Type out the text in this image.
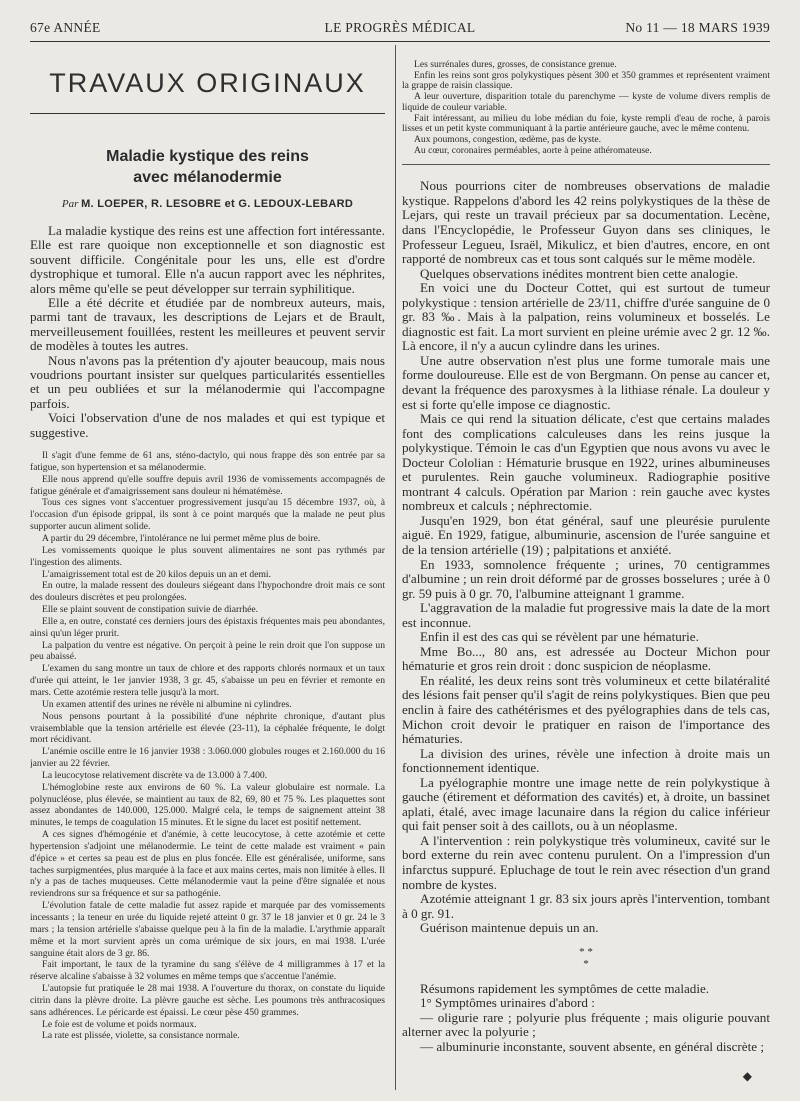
67e ANNÉE	LE PROGRÈS MÉDICAL	No 11 — 18 MARS 1939
TRAVAUX ORIGINAUX
Maladie kystique des reins
avec mélanodermie
Par M. LOEPER, R. LESOBRE et G. LEDOUX-LEBARD

La maladie kystique des reins est une affection fort intéressante. Elle est rare quoique non exceptionnelle et son diagnostic est souvent difficile. Congénitale pour les uns, elle est d'ordre dystrophique et tumoral. Elle n'a aucun rapport avec les néphrites, alors même qu'elle se peut développer sur terrain syphilitique.

Elle a été décrite et étudiée par de nombreux auteurs, mais, parmi tant de travaux, les descriptions de Lejars et de Brault, merveilleusement fouillées, restent les meilleures et peuvent servir de modèles à toutes les autres.

Nous n'avons pas la prétention d'y ajouter beaucoup, mais nous voudrions pourtant insister sur quelques particularités essentielles et un peu oubliées et sur la mélanodermie qui l'accompagne parfois.

Voici l'observation d'une de nos malades et qui est typique et suggestive.

Il s'agit d'une femme de 61 ans, sténo-dactylo, qui nous frappe dès son entrée par sa fatigue, son hypertension et sa mélanodermie.

Elle nous apprend qu'elle souffre depuis avril 1936 de vomissements accompagnés de fatigue générale et d'amaigrissement sans douleur ni hématémèse.

Tous ces signes vont s'accentuer progressivement jusqu'au 15 décembre 1937, où, à l'occasion d'un épisode grippal, ils sont à ce point marqués que la malade ne peut plus supporter aucun aliment solide.

A partir du 29 décembre, l'intolérance ne lui permet même plus de boire.

Les vomissements quoique le plus souvent alimentaires ne sont pas rythmés par l'ingestion des aliments.

L'amaigrissement total est de 20 kilos depuis un an et demi.

En outre, la malade ressent des douleurs siégeant dans l'hypochondre droit mais ce sont des douleurs discrètes et peu prolongées.

Elle se plaint souvent de constipation suivie de diarrhée.

Elle a, en outre, constaté ces derniers jours des épistaxis fréquentes mais peu abondantes, ainsi qu'un léger prurit.

La palpation du ventre est négative. On perçoit à peine le rein droit que l'on suppose un peu abaissé.

L'examen du sang montre un taux de chlore et des rapports chlorés normaux et un taux d'urée qui atteint, le 1er janvier 1938, 3 gr. 45, s'abaisse un peu en février et remonte en mars. Cette azotémie restera telle jusqu'à la mort.

Un examen attentif des urines ne révèle ni albumine ni cylindres.

Nous pensons pourtant à la possibilité d'une néphrite chronique, d'autant plus vraisemblable que la tension artérielle est élevée (23-11), la céphalée fréquente, le dolgt mort récidivant.

L'anémie oscille entre le 16 janvier 1938 : 3.060.000 globules rouges et 2.160.000 du 16 janvier au 22 février.

La leucocytose relativement discrète va de 13.000 à 7.400.

L'hémoglobine reste aux environs de 60 %. La valeur globulaire est normale. La polynucléose, plus élevée, se maintient au taux de 82, 69, 80 et 75 %. Les plaquettes sont assez abondantes de 140.000, 125.000. Malgré cela, le temps de saignement atteint 38 minutes, le temps de coagulation 15 minutes. Et le signe du lacet est positif nettement.

A ces signes d'hémogénie et d'anémie, à cette leucocytose, à cette azotémie et cette hypertension s'adjoint une mélanodermie. Le teint de cette malade est vraiment « pain d'épice » et certes sa peau est de plus en plus foncée. Elle est généralisée, uniforme, sans taches surpigmentées, plus marquée à la face et aux mains certes, mais non limitée à elles. Il n'y a pas de taches muqueuses. Cette mélanodermie vaut la peine d'être signalée et nous reviendrons sur sa fréquence et sur sa pathogénie.

L'évolution fatale de cette maladie fut assez rapide et marquée par des vomissements incessants ; la teneur en urée du liquide rejeté atteint 0 gr. 37 le 18 janvier et 0 gr. 24 le 3 mars ; la tension artérielle s'abaisse quelque peu à la fin de la maladie. L'arythmie apparaît même et la mort survient après un coma urémique de six jours, en mai 1938. L'urée sanguine était alors de 3 gr. 86.

Fait important, le taux de la tyramine du sang s'élève de 4 milligrammes à 17 et la réserve alcaline s'abaisse à 32 volumes en même temps que s'accentue l'anémie.

L'autopsie fut pratiquée le 28 mai 1938. A l'ouverture du thorax, on constate du liquide citrin dans la plèvre droite. La plèvre gauche est sèche. Les poumons très anthracosiques sans adhérences. Le péricarde est épaissi. Le cœur pèse 450 grammes.

Le foie est de volume et poids normaux.

La rate est plissée, violette, sa consistance normale.

Les surrénales dures, grosses, de consistance grenue.

Enfin les reins sont gros polykystiques pèsent 300 et 350 grammes et représentent vraiment la grappe de raisin classique.

A leur ouverture, disparition totale du parenchyme — kyste de volume divers remplis de liquide de couleur variable.

Fait intéressant, au milieu du lobe médian du foie, kyste rempli d'eau de roche, à parois lisses et un petit kyste communiquant à la partie antérieure gauche, avec le même contenu.

Aux poumons, congestion, œdème, pas de kyste.

Au cœur, coronaires perméables, aorte à peine athéromateuse.

Nous pourrions citer de nombreuses observations de maladie kystique. Rappelons d'abord les 42 reins polykystiques de la thèse de Lejars, qui reste un travail précieux par sa documentation. Lecène, dans l'Encyclopédie, le Professeur Guyon dans ses cliniques, le Professeur Legueu, Israël, Mikulicz, et bien d'autres, encore, en ont rapporté de nombreux cas et tous sont calqués sur le même modèle.

Quelques observations inédites montrent bien cette analogie.

En voici une du Docteur Cottet, qui est surtout de tumeur polykystique : tension artérielle de 23/11, chiffre d'urée sanguine de 0 gr. 83 ‰. Mais à la palpation, reins volumineux et bosselés. Le diagnostic est fait. La mort survient en pleine urémie avec 2 gr. 12 ‰. Là encore, il n'y a aucun cylindre dans les urines.

Une autre observation n'est plus une forme tumorale mais une forme douloureuse. Elle est de von Bergmann. On pense au cancer et, devant la fréquence des paroxysmes à la lithiase rénale. La douleur y est si forte qu'elle impose ce diagnostic.

Mais ce qui rend la situation délicate, c'est que certains malades font des complications calculeuses dans les reins jusque la polykystique. Témoin le cas d'un Egyptien que nous avons vu avec le Docteur Cololian : Hématurie brusque en 1922, urines albumineuses et purulentes. Rein gauche volumineux. Radiographie positive montrant 4 calculs. Opération par Marion : rein gauche avec kystes nombreux et calculs ; néphrectomie.

Jusqu'en 1929, bon état général, sauf une pleurésie purulente aiguë. En 1929, fatigue, albuminurie, ascension de l'urée sanguine et de la tension artérielle (19) ; palpitations et anxiété.

En 1933, somnolence fréquente ; urines, 70 centigrammes d'albumine ; un rein droit déformé par de grosses bosselures ; urée à 0 gr. 59 puis à 0 gr. 70, l'albumine atteignant 1 gramme.

L'aggravation de la maladie fut progressive mais la date de la mort est inconnue.

Enfin il est des cas qui se révèlent par une hématurie.

Mme Bo..., 80 ans, est adressée au Docteur Michon pour hématurie et gros rein droit : donc suspicion de néoplasme.

En réalité, les deux reins sont très volumineux et cette bilatéralité des lésions fait penser qu'il s'agit de reins polykystiques. Bien que peu enclin à faire des cathétérismes et des pyélographies dans de tels cas, Michon croit devoir le pratiquer en raison de l'importance des hématuries.

La division des urines, révèle une infection à droite mais un fonctionnement identique.

La pyélographie montre une image nette de rein polykystique à gauche (étirement et déformation des cavités) et, à droite, un bassinet aplati, étalé, avec image lacunaire dans la région du calice inférieur qui fait penser soit à des caillots, ou à un néoplasme.

A l'intervention : rein polykystique très volumineux, cavité sur le bord externe du rein avec contenu purulent. On a l'impression d'un infarctus suppuré. Epluchage de tout le rein avec résection d'un grand nombre de kystes.

Azotémie atteignant 1 gr. 83 six jours après l'intervention, tombant à 0 gr. 91.

Guérison maintenue depuis un an.

* *
*

Résumons rapidement les symptômes de cette maladie.

1° Symptômes urinaires d'abord :

— oligurie rare ; polyurie plus fréquente ; mais oligurie pouvant alterner avec la polyurie ;

— albuminurie inconstante, souvent absente, en général discrète ;

◆
